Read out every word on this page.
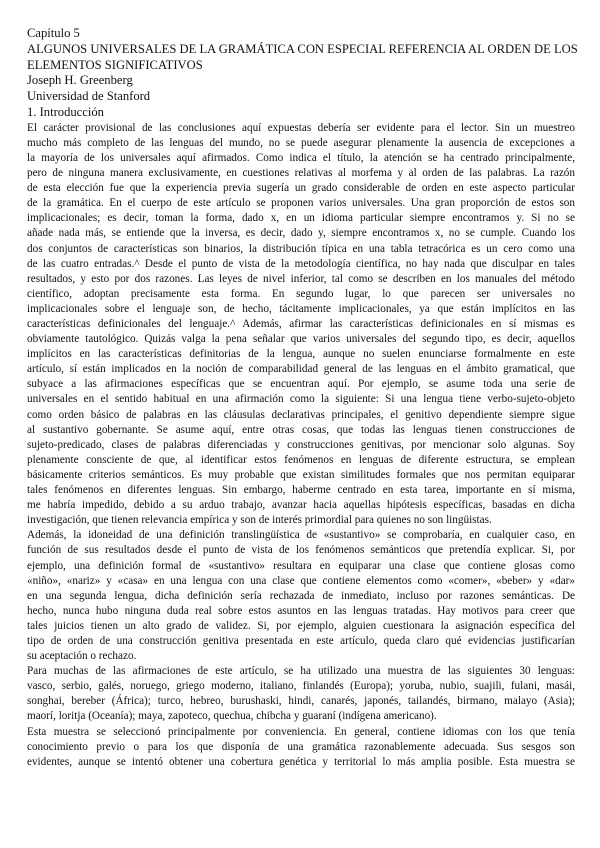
Capítulo 5
ALGUNOS UNIVERSALES DE LA GRAMÁTICA CON ESPECIAL REFERENCIA AL ORDEN DE LOS
ELEMENTOS SIGNIFICATIVOS
Joseph H. Greenberg
Universidad de Stanford
1. Introducción
El carácter provisional de las conclusiones aquí expuestas debería ser evidente para el lector. Sin un muestreo
mucho más completo de las lenguas del mundo, no se puede asegurar plenamente la ausencia de excepciones a
la mayoría de los universales aquí afirmados. Como indica el título, la atención se ha centrado principalmente,
pero de ninguna manera exclusivamente, en cuestiones relativas al morfema y al orden de las palabras. La razón
de esta elección fue que la experiencia previa sugería un grado considerable de orden en este aspecto particular
de la gramática. En el cuerpo de este artículo se proponen varios universales. Una gran proporción de estos son
implicacionales; es decir, toman la forma, dado x, en un idioma particular siempre encontramos y. Si no se
añade nada más, se entiende que la inversa, es decir, dado y, siempre encontramos x, no se cumple. Cuando los
dos conjuntos de características son binarios, la distribución típica en una tabla tetracórica es un cero como una
de las cuatro entradas.^ Desde el punto de vista de la metodología científica, no hay nada que disculpar en tales
resultados, y esto por dos razones. Las leyes de nivel inferior, tal como se describen en los manuales del método
científico, adoptan precisamente esta forma. En segundo lugar, lo que parecen ser universales no
implicacionales sobre el lenguaje son, de hecho, tácitamente implicacionales, ya que están implícitos en las
características definicionales del lenguaje.^ Además, afirmar las características definicionales en sí mismas es
obviamente tautológico. Quizás valga la pena señalar que varios universales del segundo tipo, es decir, aquellos
implícitos en las características definitorias de la lengua, aunque no suelen enunciarse formalmente en este
artículo, sí están implicados en la noción de comparabilidad general de las lenguas en el ámbito gramatical, que
subyace a las afirmaciones específicas que se encuentran aquí. Por ejemplo, se asume toda una serie de
universales en el sentido habitual en una afirmación como la siguiente: Si una lengua tiene verbo-sujeto-objeto
como orden básico de palabras en las cláusulas declarativas principales, el genitivo dependiente siempre sigue
al sustantivo gobernante. Se asume aquí, entre otras cosas, que todas las lenguas tienen construcciones de
sujeto-predicado, clases de palabras diferenciadas y construcciones genitivas, por mencionar solo algunas. Soy
plenamente consciente de que, al identificar estos fenómenos en lenguas de diferente estructura, se emplean
básicamente criterios semánticos. Es muy probable que existan similitudes formales que nos permitan equiparar
tales fenómenos en diferentes lenguas. Sin embargo, haberme centrado en esta tarea, importante en sí misma,
me habría impedido, debido a su arduo trabajo, avanzar hacia aquellas hipótesis específicas, basadas en dicha
investigación, que tienen relevancia empírica y son de interés primordial para quienes no son lingüistas.
Además, la idoneidad de una definición translingüística de «sustantivo» se comprobaría, en cualquier caso, en
función de sus resultados desde el punto de vista de los fenómenos semánticos que pretendía explicar. Si, por
ejemplo, una definición formal de «sustantivo» resultara en equiparar una clase que contiene glosas como
«niño», «nariz» y «casa» en una lengua con una clase que contiene elementos como «comer», «beber» y «dar»
en una segunda lengua, dicha definición sería rechazada de inmediato, incluso por razones semánticas. De
hecho, nunca hubo ninguna duda real sobre estos asuntos en las lenguas tratadas. Hay motivos para creer que
tales juicios tienen un alto grado de validez. Si, por ejemplo, alguien cuestionara la asignación específica del
tipo de orden de una construcción genitiva presentada en este artículo, queda claro qué evidencias justificarían
su aceptación o rechazo.
Para muchas de las afirmaciones de este artículo, se ha utilizado una muestra de las siguientes 30 lenguas:
vasco, serbio, galés, noruego, griego moderno, italiano, finlandés (Europa); yoruba, nubio, suajili, fulani, masái,
songhai, bereber (África); turco, hebreo, burushaski, hindi, canarés, japonés, tailandés, birmano, malayo (Asia);
maorí, loritja (Oceanía); maya, zapoteco, quechua, chibcha y guaraní (indígena americano).
Esta muestra se seleccionó principalmente por conveniencia. En general, contiene idiomas con los que tenía
conocimiento previo o para los que disponía de una gramática razonablemente adecuada. Sus sesgos son
evidentes, aunque se intentó obtener una cobertura genética y territorial lo más amplia posible. Esta muestra se
